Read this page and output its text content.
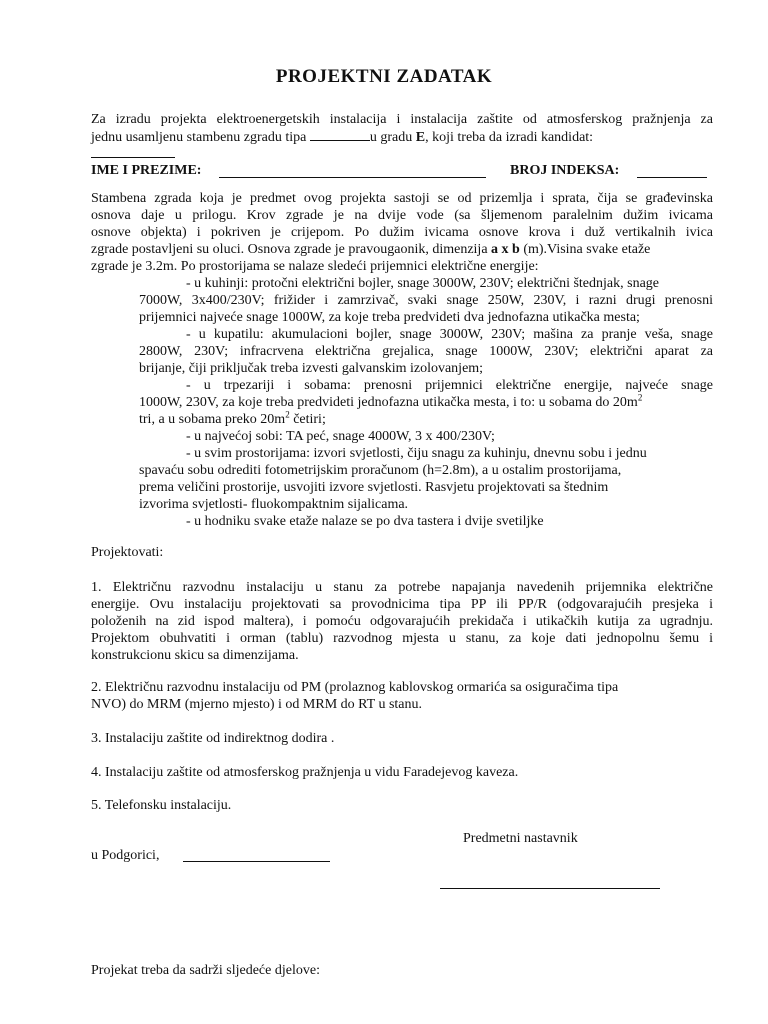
PROJEKTNI ZADATAK
Za izradu projekta elektroenergetskih instalacija i instalacija zaštite od atmosferskog pražnjenja za
jednu usamljenu stambenu zgradu tipa	u gradu E, koji treba da izradi kandidat:
IME I PREZIME:	BROJ INDEKSA:
Stambena zgrada koja je predmet ovog projekta sastoji se od prizemlja i sprata, čija se građevinska
osnova daje u prilogu. Krov zgrade je na dvije vode (sa šljemenom paralelnim dužim ivicama
osnove objekta) i pokriven je crijepom. Po dužim ivicama osnove krova i duž vertikalnih ivica
zgrade postavljeni su oluci. Osnova zgrade je pravougaonik, dimenzija a x b (m).Visina svake etaže
zgrade je 3.2m. Po prostorijama se nalaze sledeći prijemnici električne energije:
- u kuhinji: protočni električni bojler, snage 3000W, 230V; električni štednjak, snage
7000W, 3x400/230V; frižider i zamrzivač, svaki snage 250W, 230V, i razni drugi prenosni
prijemnici najveće snage 1000W, za koje treba predvideti dva jednofazna utikačka mesta;
- u kupatilu: akumulacioni bojler, snage 3000W, 230V; mašina za pranje veša, snage
2800W, 230V; infracrvena električna grejalica, snage 1000W, 230V; električni aparat za
brijanje, čiji priključak treba izvesti galvanskim izolovanjem;
- u trpezariji i sobama: prenosni prijemnici električne energije, najveće snage
1000W, 230V, za koje treba predvideti jednofazna utikačka mesta, i to: u sobama do $20m^2$
tri, a u sobama preko $20m^2$ četiri;
- u najvećoj sobi: TA peć, snage 4000W, 3 x 400/230V;
- u svim prostorijama: izvori svjetlosti, čiju snagu za kuhinju, dnevnu sobu i jednu
spavaću sobu odrediti fotometrijskim proračunom (h=2.8m), a u ostalim prostorijama,
prema veličini prostorije, usvojiti izvore svjetlosti. Rasvjetu projektovati sa štednim
izvorima svjetlosti- fluokompaktnim sijalicama.
- u hodniku svake etaže nalaze se po dva tastera i dvije svetiljke
Projektovati:
1. Električnu razvodnu instalaciju u stanu za potrebe napajanja navedenih prijemnika električne
energije. Ovu instalaciju projektovati sa provodnicima tipa PP ili PP/R (odgovarajućih presjeka i
položenih na zid ispod maltera), i pomoću odgovarajućih prekidača i utikačkih kutija za ugradnju.
Projektom obuhvatiti i orman (tablu) razvodnog mjesta u stanu, za koje dati jednopolnu šemu i
konstrukcionu skicu sa dimenzijama.
2. Električnu razvodnu instalaciju od PM (prolaznog kablovskog ormarića sa osiguračima tipa
NVO) do MRM (mjerno mjesto) i od MRM do RT u stanu.
3. Instalaciju zaštite od indirektnog dodira .
4. Instalaciju zaštite od atmosferskog pražnjenja u vidu Faradejevog kaveza.
5. Telefonsku instalaciju.
Predmetni nastavnik
u Podgorici,
Projekat treba da sadrži sljedeće djelove:
